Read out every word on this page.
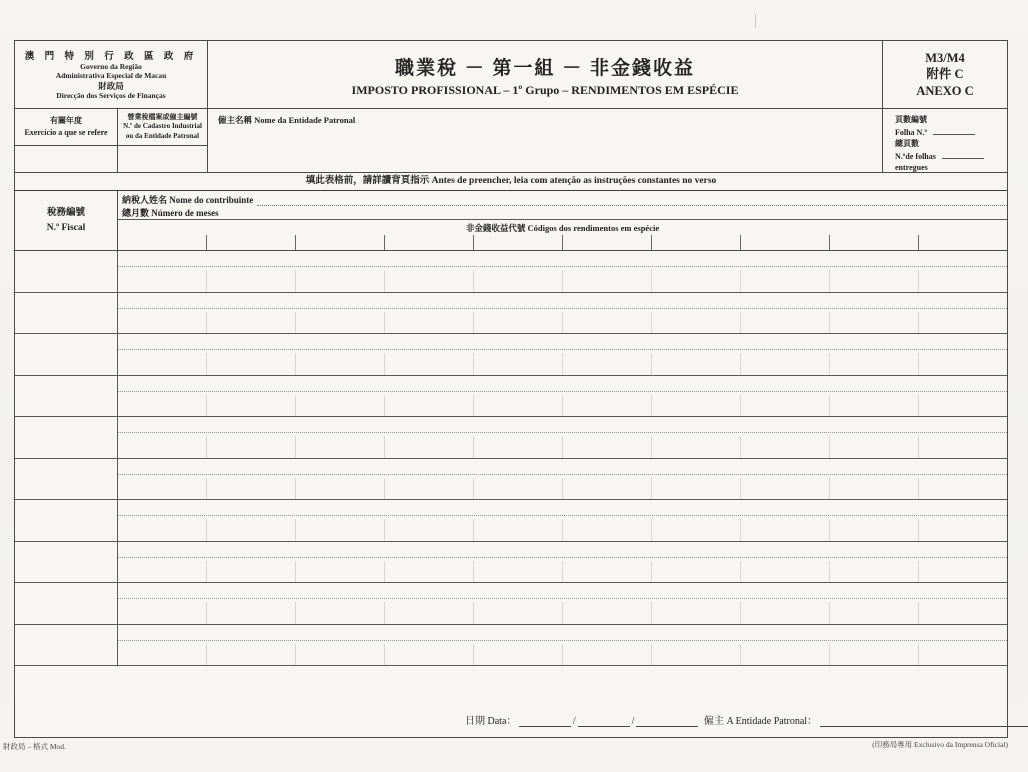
澳 門 特 別 行 政 區 政 府
Governo da Região
Administrativa Especial de Macau
財政局
Direcção dos Serviços de Finanças
職業稅 － 第一組 － 非金錢收益
IMPOSTO PROFISSIONAL – 1º Grupo – RENDIMENTOS EM ESPÉCIE
M3/M4
附件 C
ANEXO C
有關年度
Exercício a que se refere
營業稅檔案或僱主編號
N.º de Cadastro Industrial
ou da Entidade Patronal
僱主名稱 Nome da Entidade Patronal	頁數編號
Folha N.º
總頁數
N.ºde folhas
entregues
填此表格前，請詳讀背頁指示 Antes de preencher, leia com atenção as instruções constantes no verso
稅務編號
N.º Fiscal
納稅人姓名 Nome do contribuinte
總月數 Número de meses
非金錢收益代號 Códigos dos rendimentos em espécie
日期 Data：	/	/	僱主 A Entidade Patronal：
財政局 – 格式 Mod.	(印務局專用 Exclusivo da Imprensa Oficial)
